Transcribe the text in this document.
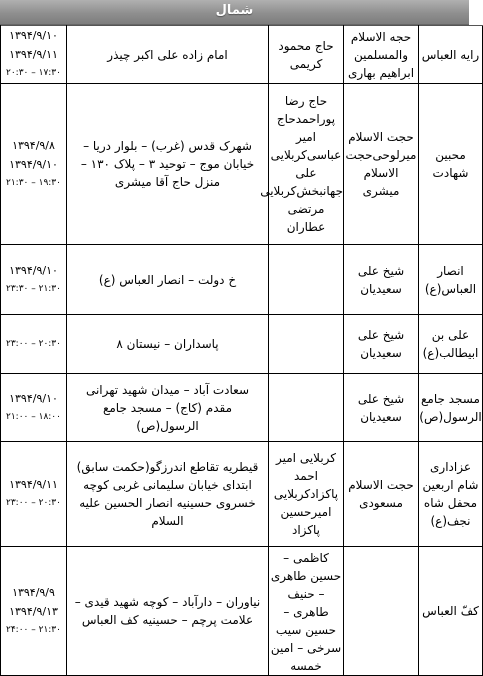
شمال
رایه العباس	حجه الاسلام والمسلمین ابراهیم بهاری	حاج محمود کریمی	امام زاده علی اکبر چیذر	۱۳۹۴/۹/۱۰
۱۳۹۴/۹/۱۱
۲۰:۳۰ – ۱۷:۳۰

محبین شهادت	حجت الاسلام میرلوحی‌حجت الاسلام میشری	حاج رضا پوراحمدحاج امیر عباسی‌کربلایی علی جهانبخش‌کربلایی مرتضی عطاران	شهرک قدس (غرب) – بلوار دریا – خیابان موج – توحید ۳ – پلاک ۱۳۰ – منزل حاج آقا میشری	۱۳۹۴/۹/۸
۱۳۹۴/۹/۱۰
۲۱:۳۰ – ۱۹:۳۰

انصار العباس(ع)	شیخ علی سعیدیان		خ دولت – انصار العباس (ع)	۱۳۹۴/۹/۱۰
۲۳:۳۰ – ۲۱:۳۰

علی بن ابیطالب(ع)	شیخ علی سعیدیان		پاسداران – نیستان ۸	۲۳:۰۰ – ۲۰:۳۰

مسجد جامع الرسول(ص)	شیخ علی سعیدیان		سعادت آباد – میدان شهید تهرانی مقدم (کاج) – مسجد جامع الرسول(ص)	۱۳۹۴/۹/۱۰
۲۱:۰۰ – ۱۸:۰۰

عزاداری شام اربعین محفل شاه نجف(ع)	حجت الاسلام مسعودی	کربلایی امیر احمد پاکزادکربلایی امیرحسین پاکزاد	قیطریه تقاطع اندرزگو(حکمت سابق) ابتدای خیابان سلیمانی غربی کوچه خسروی حسینیه انصار الحسین علیه السلام	۱۳۹۴/۹/۱۱
۲۳:۰۰ – ۲۰:۳۰

کفّ العباس		کاظمی – حسین طاهری – حنیف طاهری – حسین سیب سرخی – امین خمسه	نیاوران – دارآباد – کوچه شهید قیدی – علامت پرچم – حسینیه کف العباس	۱۳۹۴/۹/۹
۱۳۹۴/۹/۱۳
۲۴:۰۰ – ۲۱:۳۰
